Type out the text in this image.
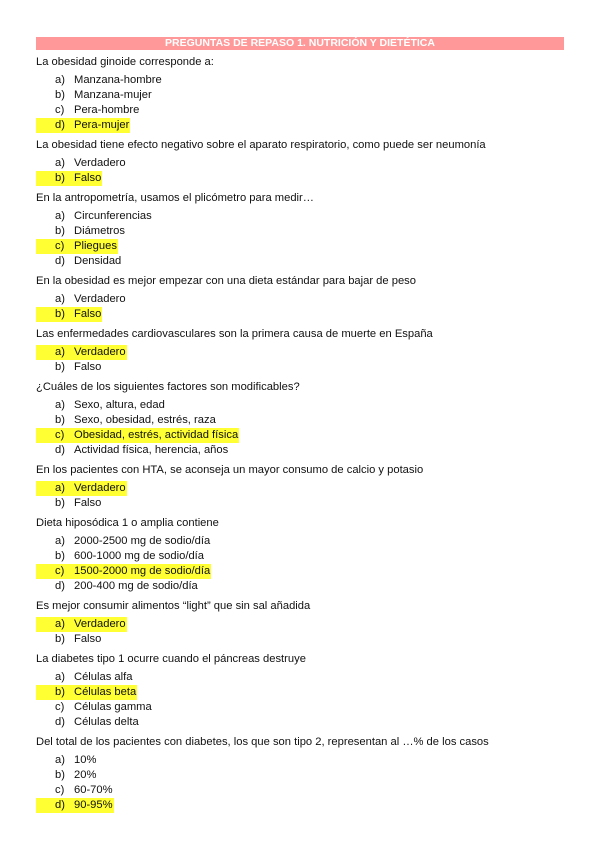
PREGUNTAS DE REPASO 1. NUTRICIÓN Y DIETÉTICA

La obesidad ginoide corresponde a:

a) Manzana-hombre
b) Manzana-mujer
c) Pera-hombre
d) Pera-mujer

La obesidad tiene efecto negativo sobre el aparato respiratorio, como puede ser neumonía

a) Verdadero
b) Falso

En la antropometría, usamos el plicómetro para medir…

a) Circunferencias
b) Diámetros
c) Pliegues
d) Densidad

En la obesidad es mejor empezar con una dieta estándar para bajar de peso

a) Verdadero
b) Falso

Las enfermedades cardiovasculares son la primera causa de muerte en España

a) Verdadero
b) Falso

¿Cuáles de los siguientes factores son modificables?

a) Sexo, altura, edad
b) Sexo, obesidad, estrés, raza
c) Obesidad, estrés, actividad física
d) Actividad física, herencia, años

En los pacientes con HTA, se aconseja un mayor consumo de calcio y potasio

a) Verdadero
b) Falso

Dieta hiposódica 1 o amplia contiene

a) 2000-2500 mg de sodio/día
b) 600-1000 mg de sodio/día
c) 1500-2000 mg de sodio/día
d) 200-400 mg de sodio/día

Es mejor consumir alimentos “light” que sin sal añadida

a) Verdadero
b) Falso

La diabetes tipo 1 ocurre cuando el páncreas destruye

a) Células alfa
b) Células beta
c) Células gamma
d) Células delta

Del total de los pacientes con diabetes, los que son tipo 2, representan al …% de los casos

a) 10%
b) 20%
c) 60-70%
d) 90-95%
